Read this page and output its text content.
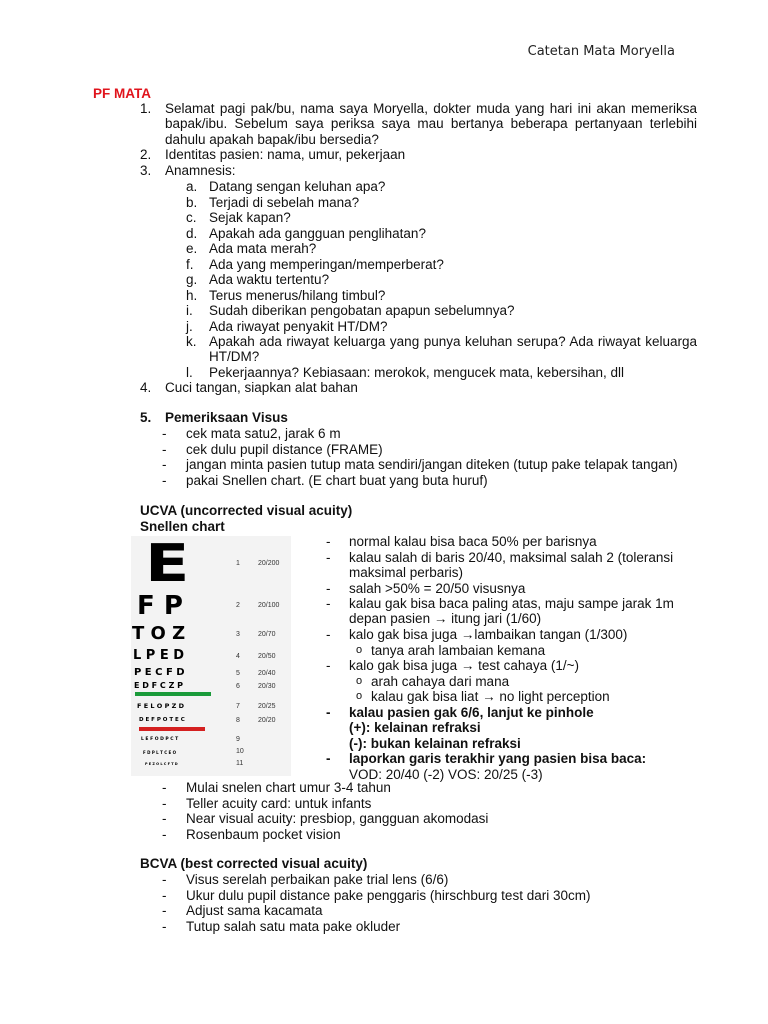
Catetan Mata Moryella
PF MATA
1. Selamat pagi pak/bu, nama saya Moryella, dokter muda yang hari ini akan memeriksa bapak/ibu. Sebelum saya periksa saya mau bertanya beberapa pertanyaan terlebihi dahulu apakah bapak/ibu bersedia?
2. Identitas pasien: nama, umur, pekerjaan
3. Anamnesis:
a. Datang sengan keluhan apa?
b. Terjadi di sebelah mana?
c. Sejak kapan?
d. Apakah ada gangguan penglihatan?
e. Ada mata merah?
f. Ada yang memperingan/memperberat?
g. Ada waktu tertentu?
h. Terus menerus/hilang timbul?
i. Sudah diberikan pengobatan apapun sebelumnya?
j. Ada riwayat penyakit HT/DM?
k. Apakah ada riwayat keluarga yang punya keluhan serupa? Ada riwayat keluarga HT/DM?
l. Pekerjaannya? Kebiasaan: merokok, mengucek mata, kebersihan, dll
4. Cuci tangan, siapkan alat bahan
5. Pemeriksaan Visus
- cek mata satu2, jarak 6 m
- cek dulu pupil distance (FRAME)
- jangan minta pasien tutup mata sendiri/jangan diteken (tutup pake telapak tangan)
- pakai Snellen chart. (E chart buat yang buta huruf)
UCVA (uncorrected visual acuity)
Snellen chart
E	1	20/200
F P	2	20/100
T O Z	3	20/70
L P E D	4	20/50
P E C F D	5	20/40
E D F C Z P	6	20/30
F E L O P Z D	7	20/25
D E F P O T E C	8	20/20
L E F O D P C T	9
F D P L T C E O	10
P E Z O L C F T D	11
- normal kalau bisa baca 50% per barisnya
- kalau salah di baris 20/40, maksimal salah 2 (toleransi maksimal perbaris)
- salah >50% = 20/50 visusnya
- kalau gak bisa baca paling atas, maju sampe jarak 1m depan pasien → itung jari (1/60)
- kalo gak bisa juga →lambaikan tangan (1/300)
o tanya arah lambaian kemana
- kalo gak bisa juga → test cahaya (1/~)
o arah cahaya dari mana
o kalau gak bisa liat → no light perception
- kalau pasien gak 6/6, lanjut ke pinhole
(+): kelainan refraksi
(-): bukan kelainan refraksi
- laporkan garis terakhir yang pasien bisa baca:
VOD: 20/40 (-2) VOS: 20/25 (-3)
- Mulai snelen chart umur 3-4 tahun
- Teller acuity card: untuk infants
- Near visual acuity: presbiop, gangguan akomodasi
- Rosenbaum pocket vision
BCVA (best corrected visual acuity)
- Visus serelah perbaikan pake trial lens (6/6)
- Ukur dulu pupil distance pake penggaris (hirschburg test dari 30cm)
- Adjust sama kacamata
- Tutup salah satu mata pake okluder
